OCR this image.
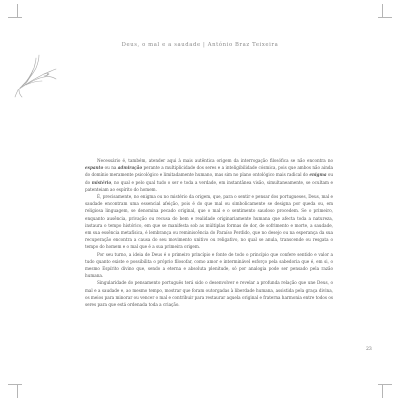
Deus, o mal e a saudade | António Braz Teixeira

Necessário é, também, atender aqui à mais autêntica origem da interrogação filosófica se não encontra no espanto ou na admiração perante a multiplicidade dos seres e a inteligibilidade cósmica, pois que ambos não ainda do domínio meramente psicológico e limitadamente humano, mas sim no plano ontológico mais radical do enigma ou do mistério, no qual e pelo qual tudo o ser e toda a verdade, em instantânea visão, simultaneamente, se ocultam e patenteiam ao espírito do homem.

É, precisamente, no enigma ou no mistério da origem, que, para o sentir e pensar dos portugueses, Deus, mal e saudade encontram uma essencial afeição, pois é do que mal ou simbolicamente se designa por queda ou, em religiosa linguagem, se denomina pecado original, que o mal e o sentimento saudoso procedem. Se o primeiro, enquanto ausência, privação ou recusa do bem e realidade originariamente humana que afecta toda a natureza, instaura o tempo histórico, em que se manifesta sob as múltiplas formas de dor, de sofrimento e morte, a saudade, em sua essência metafísica, é lembrança ou reminiscência do Paraíso Perdido, que no desejo ou na esperança da sua recuperação encontra a causa do seu movimento unitivo ou religativo, no qual se anula, transcende ou resgata o tempo do homem e o mal que é a sua primeira origem.

Por seu turno, a ideia de Deus é o primeiro princípio e fonte de todo o princípio que confere sentido e valor a tudo quanto existe e possibilita o próprio filosofar, como amor e interminável esforço pela sabedoria que é, em si, o mesmo Espírito divino que, sendo a eterna e absoluta plenitude, só por analogia pode ser pensado pela razão humana.

Singularidade do pensamento português terá sido o desenvolver e revelar a profunda relação que une Deus, o mal e a saudade e, ao mesmo tempo, mostrar que foram outorgadas à liberdade humana, assistida pela graça divina, os meios para minorar ou vencer o mal e contribuir para restaurar aquela original e fraterna harmonia entre todos os seres para que está ordenada toda a criação.

23
